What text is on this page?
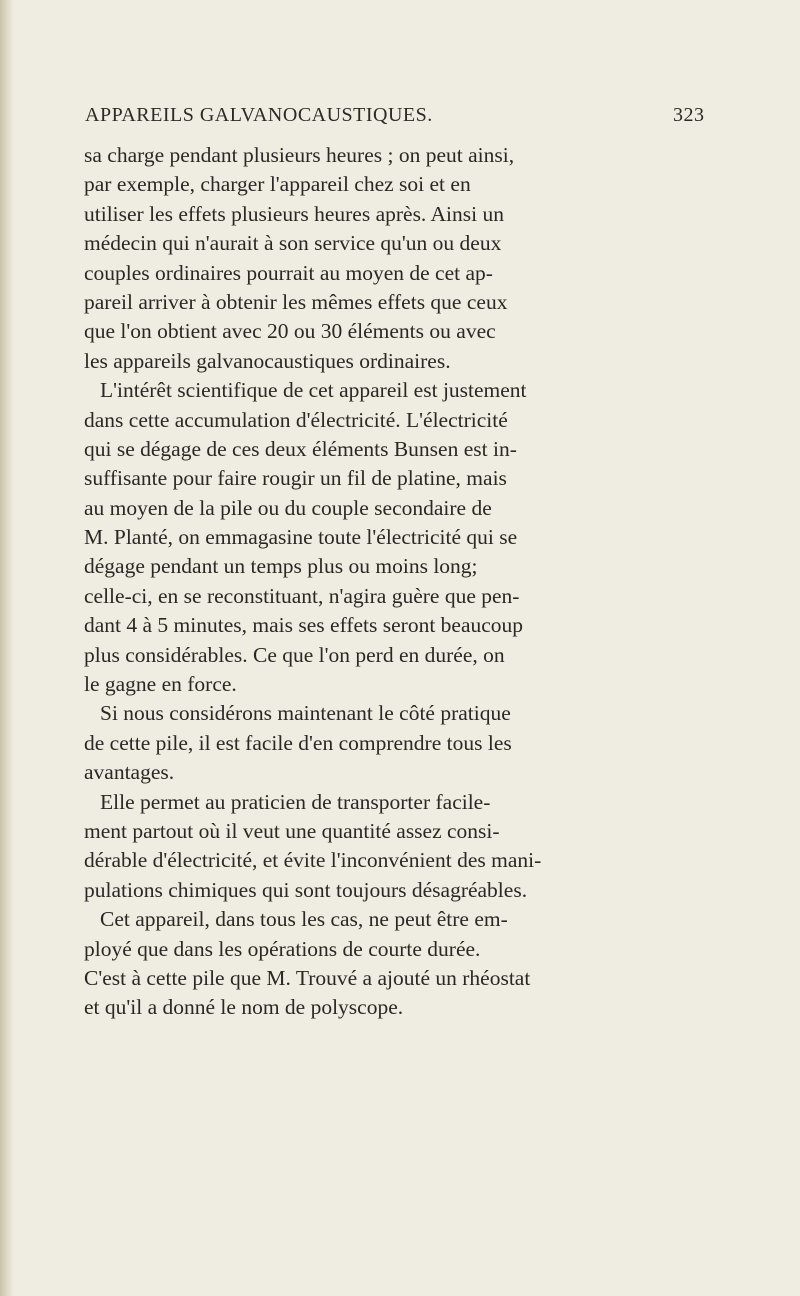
APPAREILS GALVANOCAUSTIQUES.	323
sa charge pendant plusieurs heures ; on peut ainsi,
par exemple, charger l'appareil chez soi et en
utiliser les effets plusieurs heures après. Ainsi un
médecin qui n'aurait à son service qu'un ou deux
couples ordinaires pourrait au moyen de cet ap-
pareil arriver à obtenir les mêmes effets que ceux
que l'on obtient avec 20 ou 30 éléments ou avec
les appareils galvanocaustiques ordinaires.
L'intérêt scientifique de cet appareil est justement
dans cette accumulation d'électricité. L'électricité
qui se dégage de ces deux éléments Bunsen est in-
suffisante pour faire rougir un fil de platine, mais
au moyen de la pile ou du couple secondaire de
M. Planté, on emmagasine toute l'électricité qui se
dégage pendant un temps plus ou moins long;
celle-ci, en se reconstituant, n'agira guère que pen-
dant 4 à 5 minutes, mais ses effets seront beaucoup
plus considérables. Ce que l'on perd en durée, on
le gagne en force.
Si nous considérons maintenant le côté pratique
de cette pile, il est facile d'en comprendre tous les
avantages.
Elle permet au praticien de transporter facile-
ment partout où il veut une quantité assez consi-
dérable d'électricité, et évite l'inconvénient des mani-
pulations chimiques qui sont toujours désagréables.
Cet appareil, dans tous les cas, ne peut être em-
ployé que dans les opérations de courte durée.
C'est à cette pile que M. Trouvé a ajouté un rhéostat
et qu'il a donné le nom de polyscope.
